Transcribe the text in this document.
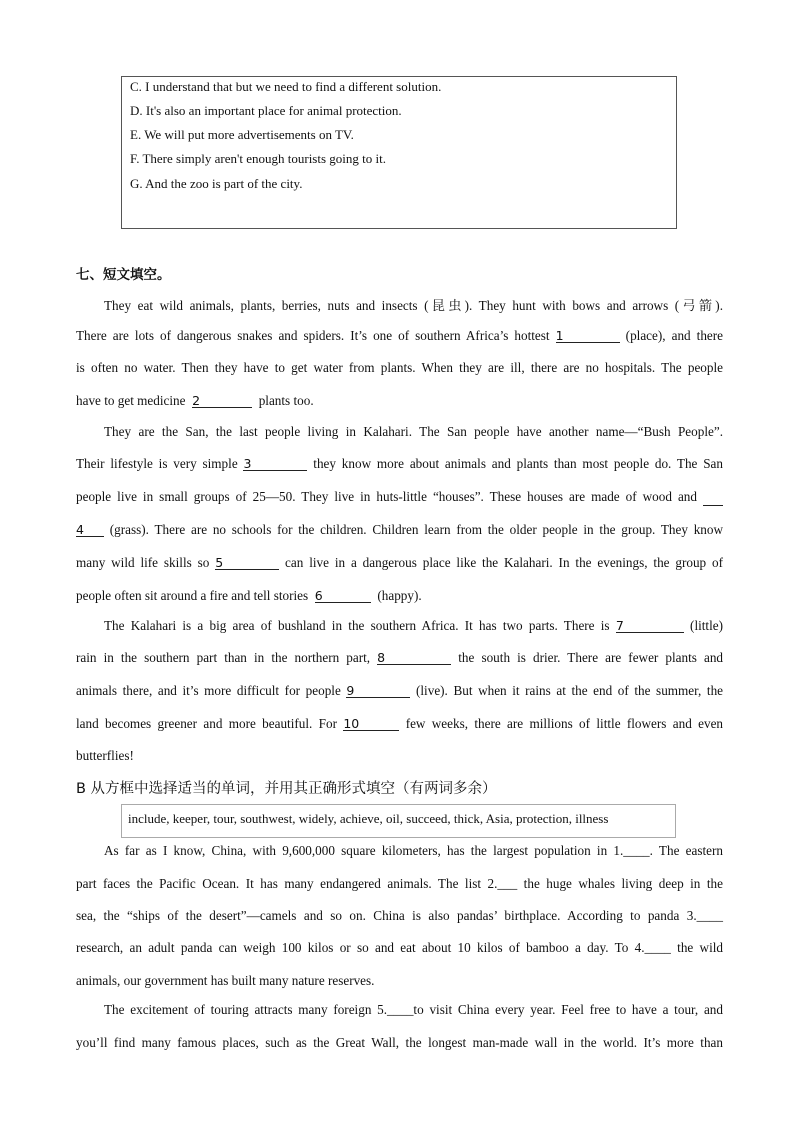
C. I understand that but we need to find a different solution.
D. It's also an important place for animal protection.
E. We will put more advertisements on TV.
F. There simply aren't enough tourists going to it.
G. And the zoo is part of the city.
七、短文填空。
They eat wild animals, plants, berries, nuts and insects (昆虫). They hunt with bows and arrows (弓箭).
There are lots of dangerous snakes and spiders. It’s one of southern Africa’s hottest 1	(place), and there
is often no water. Then they have to get water from plants. When they are ill, there are no hospitals. The people
have to get medicine 2	plants too.
They are the San, the last people living in Kalahari. The San people have another name—“Bush People”.
Their lifestyle is very simple 3	they know more about animals and plants than most people do. The San
people live in small groups of 25—50. They live in huts-little “houses”. These houses are made of wood and
4 (grass). There are no schools for the children. Children learn from the older people in the group. They know
many wild life skills so 5	can live in a dangerous place like the Kalahari. In the evenings, the group of
people often sit around a fire and tell stories 6	(happy).
The Kalahari is a big area of bushland in the southern Africa. It has two parts. There is 7	(little)
rain in the southern part than in the northern part, 8	the south is drier. There are fewer plants and
animals there, and it’s more difficult for people 9	(live). But when it rains at the end of the summer, the
land becomes greener and more beautiful. For 10	few weeks, there are millions of little flowers and even
butterflies!
B 从方框中选择适当的单词，并用其正确形式填空（有两词多余）
include, keeper, tour, southwest, widely, achieve, oil, succeed, thick, Asia, protection, illness
As far as I know, China, with 9,600,000 square kilometers, has the largest population in 1.____. The eastern
part faces the Pacific Ocean. It has many endangered animals. The list 2.___ the huge whales living deep in the
sea, the “ships of the desert”—camels and so on. China is also pandas’ birthplace. According to panda 3.____
research, an adult panda can weigh 100 kilos or so and eat about 10 kilos of bamboo a day. To 4.____ the wild
animals, our government has built many nature reserves.
The excitement of touring attracts many foreign 5.____to visit China every year. Feel free to have a tour, and
you’ll find many famous places, such as the Great Wall, the longest man-made wall in the world. It’s more than
